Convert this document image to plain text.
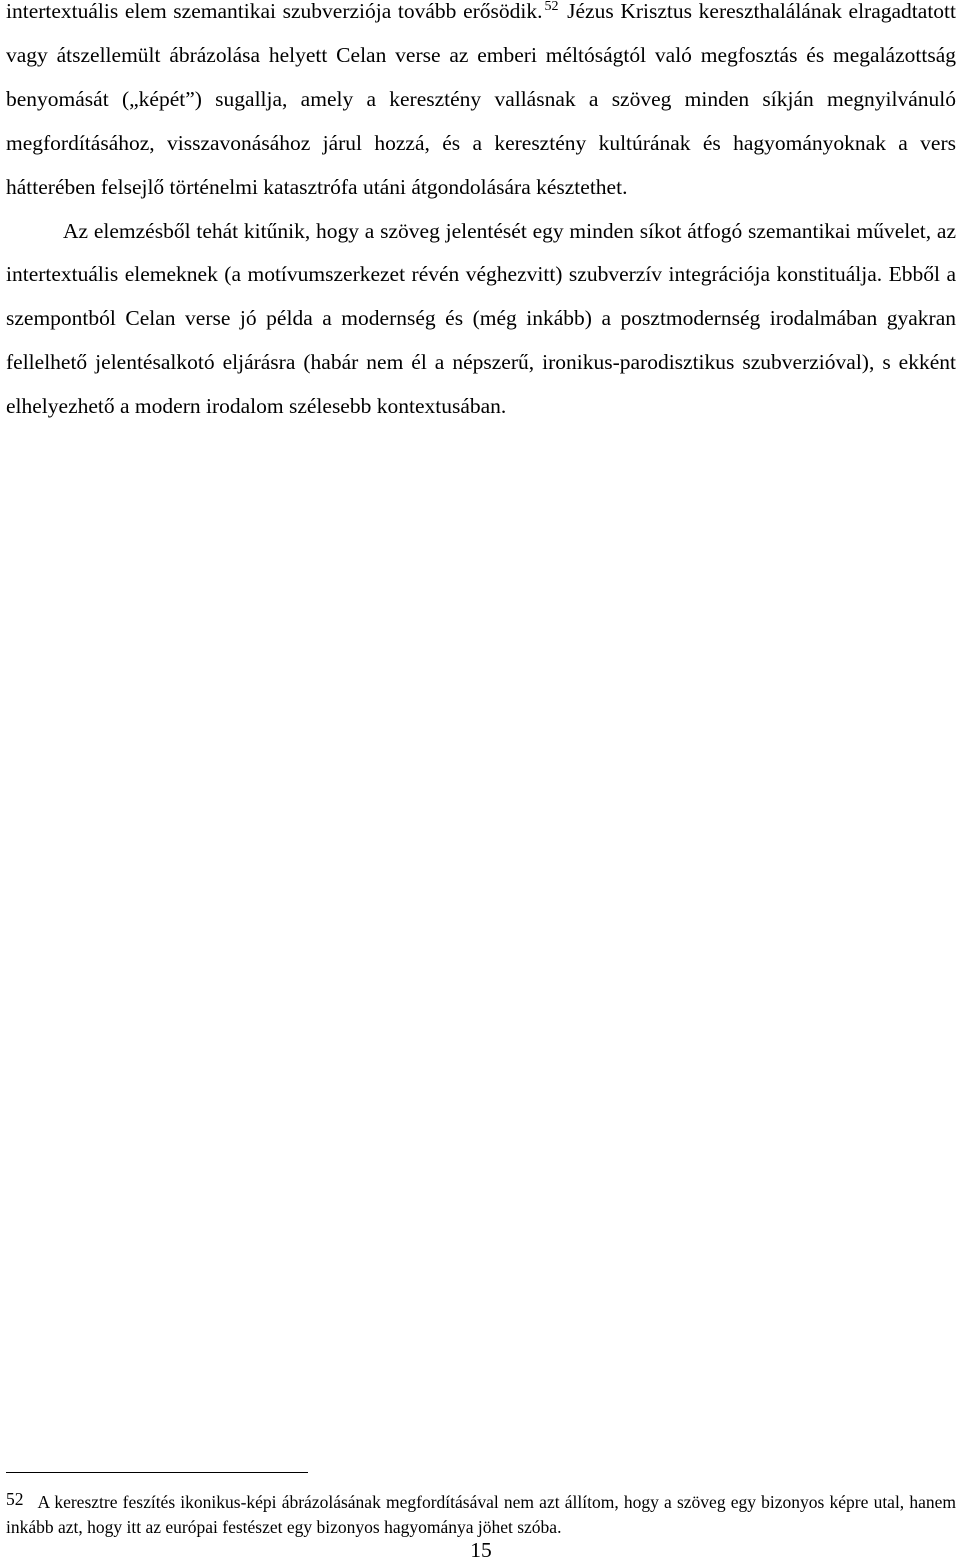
intertextuális elem szemantikai szubverziója tovább erősödik. $^{52}$ Jézus Krisztus kereszthalálának elragadtatott vagy átszellemült ábrázolása helyett Celan verse az emberi méltóságtól való megfosztás és megalázottság benyomását („képét”) sugallja, amely a keresztény vallásnak a szöveg minden síkján megnyilvánuló megfordításához, visszavonásához járul hozzá, és a keresztény kultúrának és hagyományoknak a vers hátterében felsejlő történelmi katasztrófa utáni átgondolására késztethet.

Az elemzésből tehát kitűnik, hogy a szöveg jelentését egy minden síkot átfogó szemantikai művelet, az intertextuális elemeknek (a motívumszerkezet révén véghezvitt) szubverzív integrációja konstituálja. Ebből a szempontból Celan verse jó példa a modernség és (még inkább) a posztmodernség irodalmában gyakran fellelhető jelentésalkotó eljárásra (habár nem él a népszerű, ironikus-parodisztikus szubverzióval), s ekként elhelyezhető a modern irodalom szélesebb kontextusában.

52 A keresztre feszítés ikonikus-képi ábrázolásának megfordításával nem azt állítom, hogy a szöveg egy bizonyos képre utal, hanem inkább azt, hogy itt az európai festészet egy bizonyos hagyománya jöhet szóba.

15
